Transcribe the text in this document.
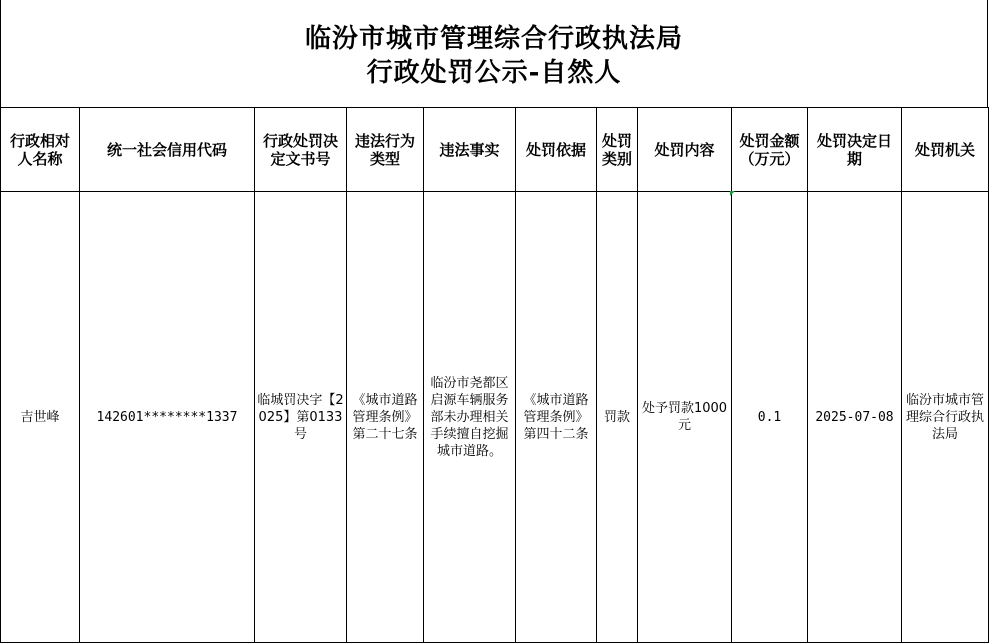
临汾市城市管理综合行政执法局
行政处罚公示-自然人
行政相对人名称	统一社会信用代码	行政处罚决定文书号	违法行为类型	违法事实	处罚依据	处罚类别	处罚内容	处罚金额（万元）	处罚决定日期	处罚机关
吉世峰	142601********1337	临城罚决字【2025】第0133号	《城市道路管理条例》第二十七条	临汾市尧都区启源车辆服务部未办理相关手续擅自挖掘城市道路。	《城市道路管理条例》第四十二条	罚款	处予罚款1000元	0.1	2025-07-08	临汾市城市管理综合行政执法局
